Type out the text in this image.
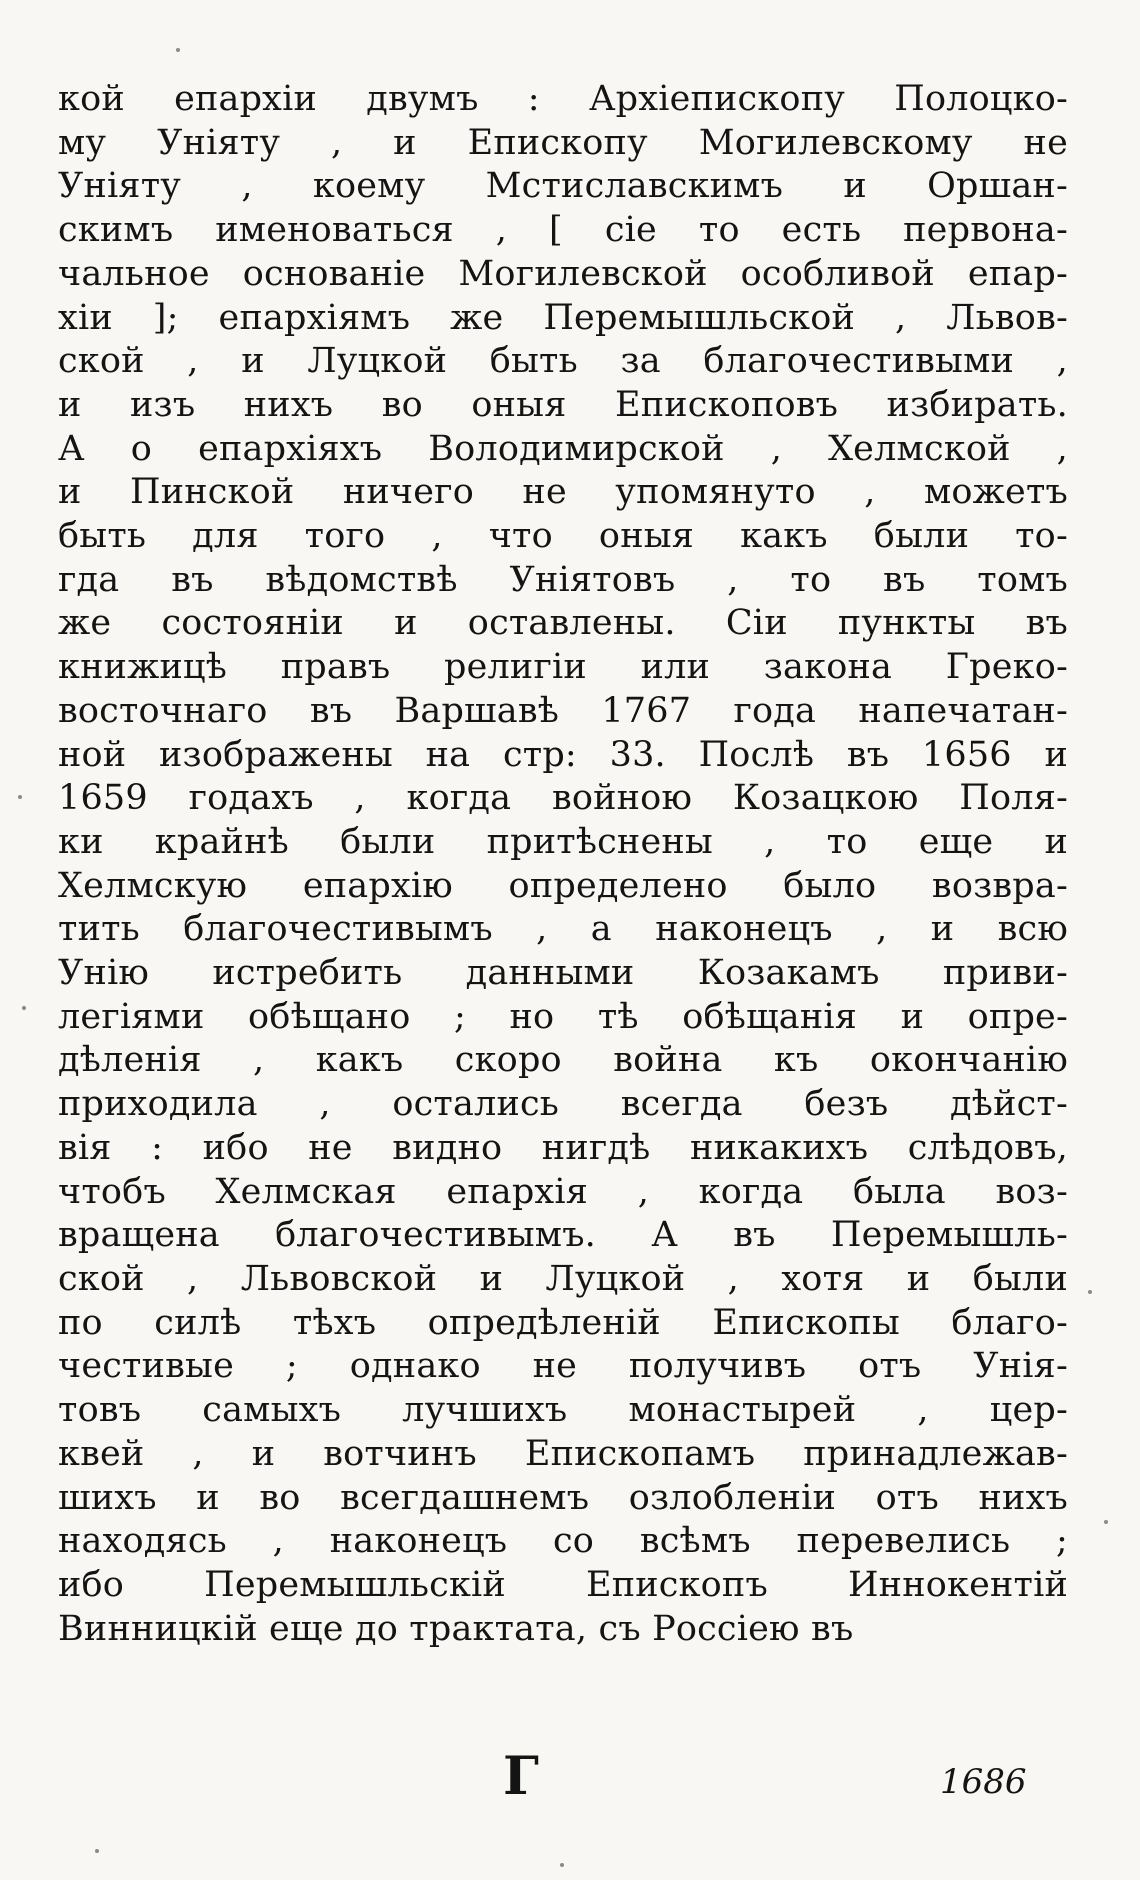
кой епархіи двумъ : Архіепископу Полоцко-
му Уніяту , и Епископу Могилевскому не
Уніяту , коему Мстиславскимъ и Оршан-
скимъ именоваться , [ сіе то есть первона-
чальное основаніе Могилевской особливой епар-
хіи ]; епархіямъ же Перемышльской , Львов-
ской , и Луцкой быть за благочестивыми ,
и изъ нихъ во оныя Епископовъ избирать.
А о епархіяхъ Володимирской , Хелмской ,
и Пинской ничего не упомянуто , можетъ
быть для того , что оныя какъ были то-
гда въ вѣдомствѣ Уніятовъ , то въ томъ
же состояніи и оставлены. Сіи пункты въ
книжицѣ правъ религіи или закона Греко-
восточнаго въ Варшавѣ 1767 года напечатан-
ной изображены на стр: 33. Послѣ въ 1656 и
1659 годахъ , когда войною Козацкою Поля-
ки крайнѣ были притѣснены , то еще и
Хелмскую епархію определено было возвра-
тить благочестивымъ , а наконецъ , и всю
Унію истребить данными Козакамъ приви-
легіями обѣщано ; но тѣ обѣщанія и опре-
дѣленія , какъ скоро война къ окончанію
приходила , остались всегда безъ дѣйст-
вія : ибо не видно нигдѣ никакихъ слѣдовъ,
чтобъ Хелмская епархія , когда была воз-
вращена благочестивымъ. А въ Перемышль-
ской , Львовской и Луцкой , хотя и были
по силѣ тѣхъ опредѣленій Епископы благо-
честивые ; однако не получивъ отъ Унія-
товъ самыхъ лучшихъ монастырей , цер-
квей , и вотчинъ Епископамъ принадлежав-
шихъ и во всегдашнемъ озлобленіи отъ нихъ
находясь , наконецъ со всѣмъ перевелись ;
ибо Перемышльскій Епископъ Иннокентій
Винницкій еще до трактата, съ Россіею въ
Г	1686
